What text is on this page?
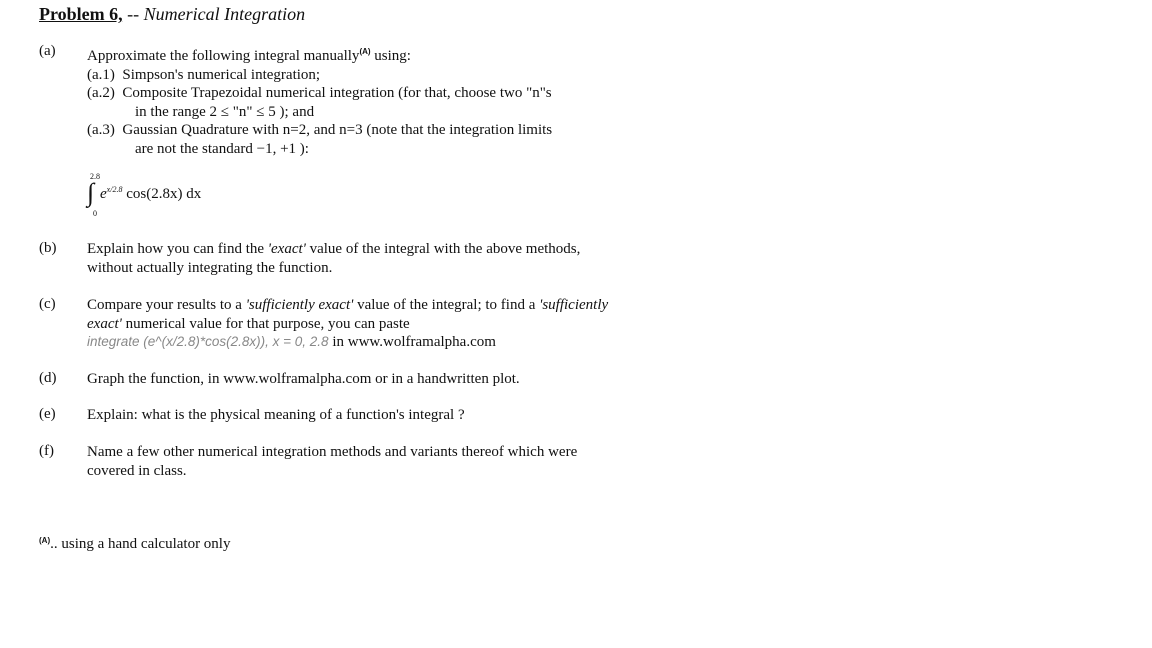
Problem 6, -- Numerical Integration
(a) Approximate the following integral manually$^{(A)}$ using:
(a.1) Simpson's numerical integration;
(a.2) Composite Trapezoidal numerical integration (for that, choose two "n"s
in the range 2 ≤ "n" ≤ 5 ); and
(a.3) Gaussian Quadrature with n=2, and n=3 (note that the integration limits
are not the standard −1, +1 ):
2.8
∫
0
$e^{x/2.8}$ cos(2.8x) dx
(b) Explain how you can find the 'exact' value of the integral with the above methods,
without actually integrating the function.
(c) Compare your results to a 'sufficiently exact' value of the integral; to find a 'sufficiently
exact' numerical value for that purpose, you can paste
integrate (e^(x/2.8)*cos(2.8x)), x = 0, 2.8 in www.wolframalpha.com
(d) Graph the function, in www.wolframalpha.com or in a handwritten plot.
(e) Explain: what is the physical meaning of a function's integral ?
(f) Name a few other numerical integration methods and variants thereof which were
covered in class.
$^{(A)}$.. using a hand calculator only
